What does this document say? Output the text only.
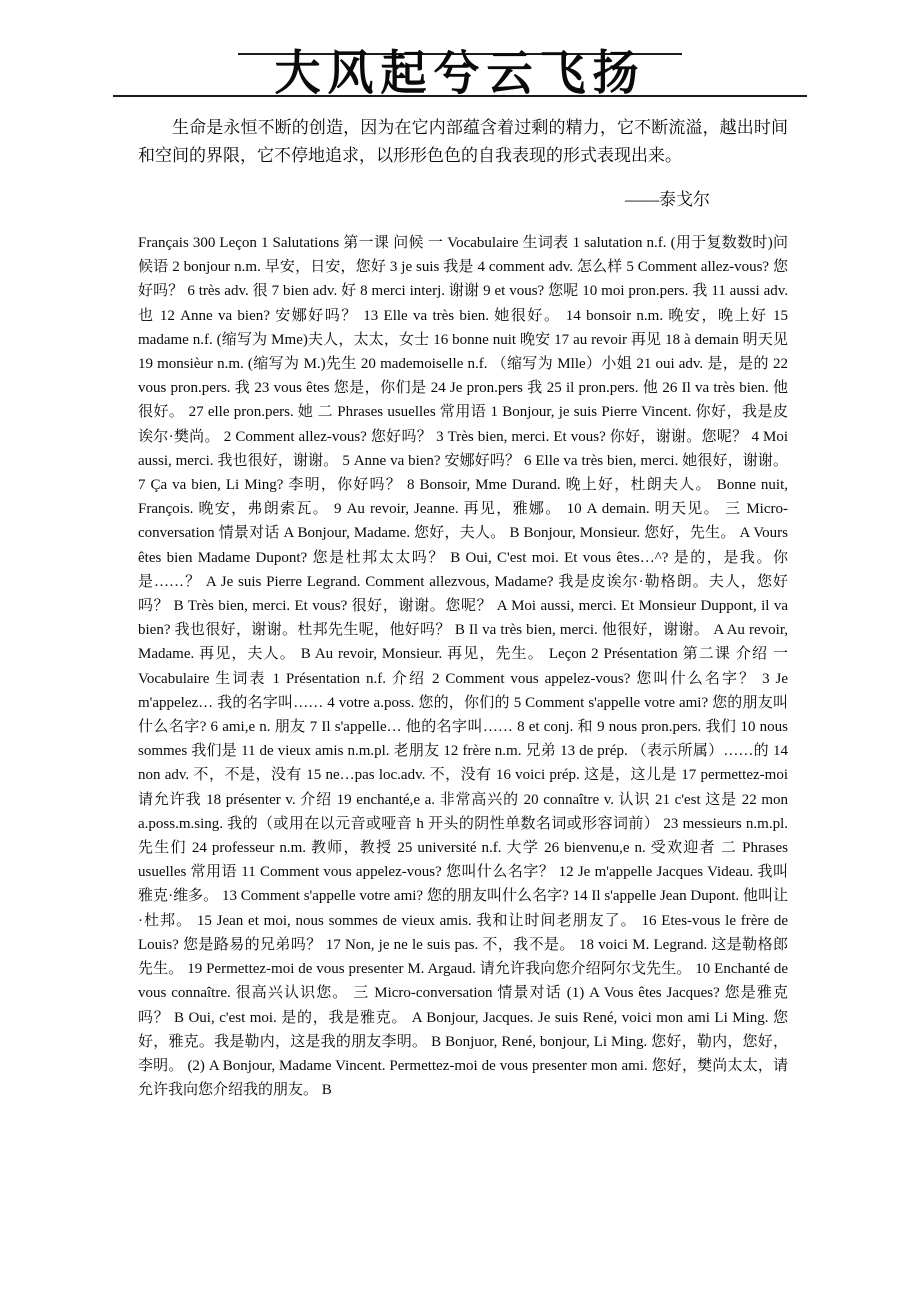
大风起兮云飞扬

生命是永恒不断的创造，因为在它内部蕴含着过剩的精力，它不断流溢，越出时间和空间的界限，它不停地追求，以形形色色的自我表现的形式表现出来。

——泰戈尔

Français 300 Leçon 1 Salutations 第一课 问候 一 Vocabulaire 生词表 1 salutation n.f. (用于复数数时)问候语 2 bonjour n.m. 早安，日安，您好 3 je suis 我是 4 comment adv. 怎么样 5 Comment allez-vous? 您好吗？ 6 très adv. 很 7 bien adv. 好 8 merci interj. 谢谢 9 et vous? 您呢 10 moi pron.pers. 我 11 aussi adv. 也 12 Anne va bien? 安娜好吗？ 13 Elle va très bien. 她很好。 14 bonsoir n.m. 晚安，晚上好 15 madame n.f. (缩写为 Mme)夫人，太太，女士 16 bonne nuit 晚安 17 au revoir 再见 18 à demain 明天见 19 monsièur n.m. (缩写为 M.)先生 20 mademoiselle n.f. （缩写为 Mlle）小姐 21 oui adv. 是，是的 22 vous pron.pers. 我 23 vous êtes 您是，你们是 24 Je pron.pers 我 25 il pron.pers. 他 26 Il va très bien. 他很好。 27 elle pron.pers. 她 二 Phrases usuelles 常用语 1 Bonjour, je suis Pierre Vincent. 你好，我是皮诶尔·樊尚。 2 Comment allez-vous? 您好吗？ 3 Très bien, merci. Et vous? 你好，谢谢。您呢？ 4 Moi aussi, merci. 我也很好，谢谢。 5 Anne va bien? 安娜好吗？ 6 Elle va très bien, merci. 她很好，谢谢。 7 Ça va bien, Li Ming? 李明，你好吗？ 8 Bonsoir, Mme Durand. 晚上好，杜朗夫人。 Bonne nuit, François. 晚安，弗朗索瓦。 9 Au revoir, Jeanne. 再见，雅娜。 10 A demain. 明天见。 三 Micro-conversation 情景对话 A Bonjour, Madame. 您好，夫人。 B Bonjour, Monsieur. 您好，先生。 A Vours êtes bien Madame Dupont? 您是杜邦太太吗？ B Oui, C'est moi. Et vous êtes…^? 是的，是我。你是……？ A Je suis Pierre Legrand. Comment allezvous, Madame? 我是皮诶尔·勒格朗。夫人，您好吗？ B Très bien, merci. Et vous? 很好，谢谢。您呢？ A Moi aussi, merci. Et Monsieur Duppont, il va bien? 我也很好，谢谢。杜邦先生呢，他好吗？ B Il va très bien, merci. 他很好，谢谢。 A Au revoir, Madame. 再见，夫人。 B Au revoir, Monsieur. 再见，先生。 Leçon 2 Présentation 第二课 介绍 一 Vocabulaire 生词表 1 Présentation n.f. 介绍 2 Comment vous appelez-vous? 您叫什么名字？ 3 Je m'appelez… 我的名字叫…… 4 votre a.poss. 您的，你们的 5 Comment s'appelle votre ami? 您的朋友叫什么名字? 6 ami,e n. 朋友 7 Il s'appelle… 他的名字叫…… 8 et conj. 和 9 nous pron.pers. 我们 10 nous sommes 我们是 11 de vieux amis n.m.pl. 老朋友 12 frère n.m. 兄弟 13 de prép. （表示所属）……的 14 non adv. 不，不是，没有 15 ne…pas loc.adv. 不，没有 16 voici prép. 这是，这儿是 17 permettez-moi 请允许我 18 présenter v. 介绍 19 enchanté,e a. 非常高兴的 20 connaître v. 认识 21 c'est 这是 22 mon a.poss.m.sing. 我的（或用在以元音或哑音 h 开头的阴性单数名词或形容词前） 23 messieurs n.m.pl. 先生们 24 professeur n.m. 教师，教授 25 université n.f. 大学 26 bienvenu,e n. 受欢迎者 二 Phrases usuelles 常用语 11 Comment vous appelez-vous? 您叫什么名字？ 12 Je m'appelle Jacques Videau. 我叫雅克·维多。 13 Comment s'appelle votre ami? 您的朋友叫什么名字? 14 Il s'appelle Jean Dupont. 他叫让·杜邦。 15 Jean et moi, nous sommes de vieux amis. 我和让时间老朋友了。 16 Etes-vous le frère de Louis? 您是路易的兄弟吗？ 17 Non, je ne le suis pas. 不，我不是。 18 voici M. Legrand. 这是勒格郎先生。 19 Permettez-moi de vous presenter M. Argaud. 请允许我向您介绍阿尔戈先生。 10 Enchanté de vous connaître. 很高兴认识您。 三 Micro-conversation 情景对话 (1) A Vous êtes Jacques? 您是雅克吗？ B Oui, c'est moi. 是的，我是雅克。 A Bonjour, Jacques. Je suis René, voici mon ami Li Ming. 您好，雅克。我是勒内，这是我的朋友李明。 B Bonjuor, René, bonjour, Li Ming. 您好，勒内，您好，李明。 (2) A Bonjour, Madame Vincent. Permettez-moi de vous presenter mon ami. 您好，樊尚太太，请允许我向您介绍我的朋友。 B
